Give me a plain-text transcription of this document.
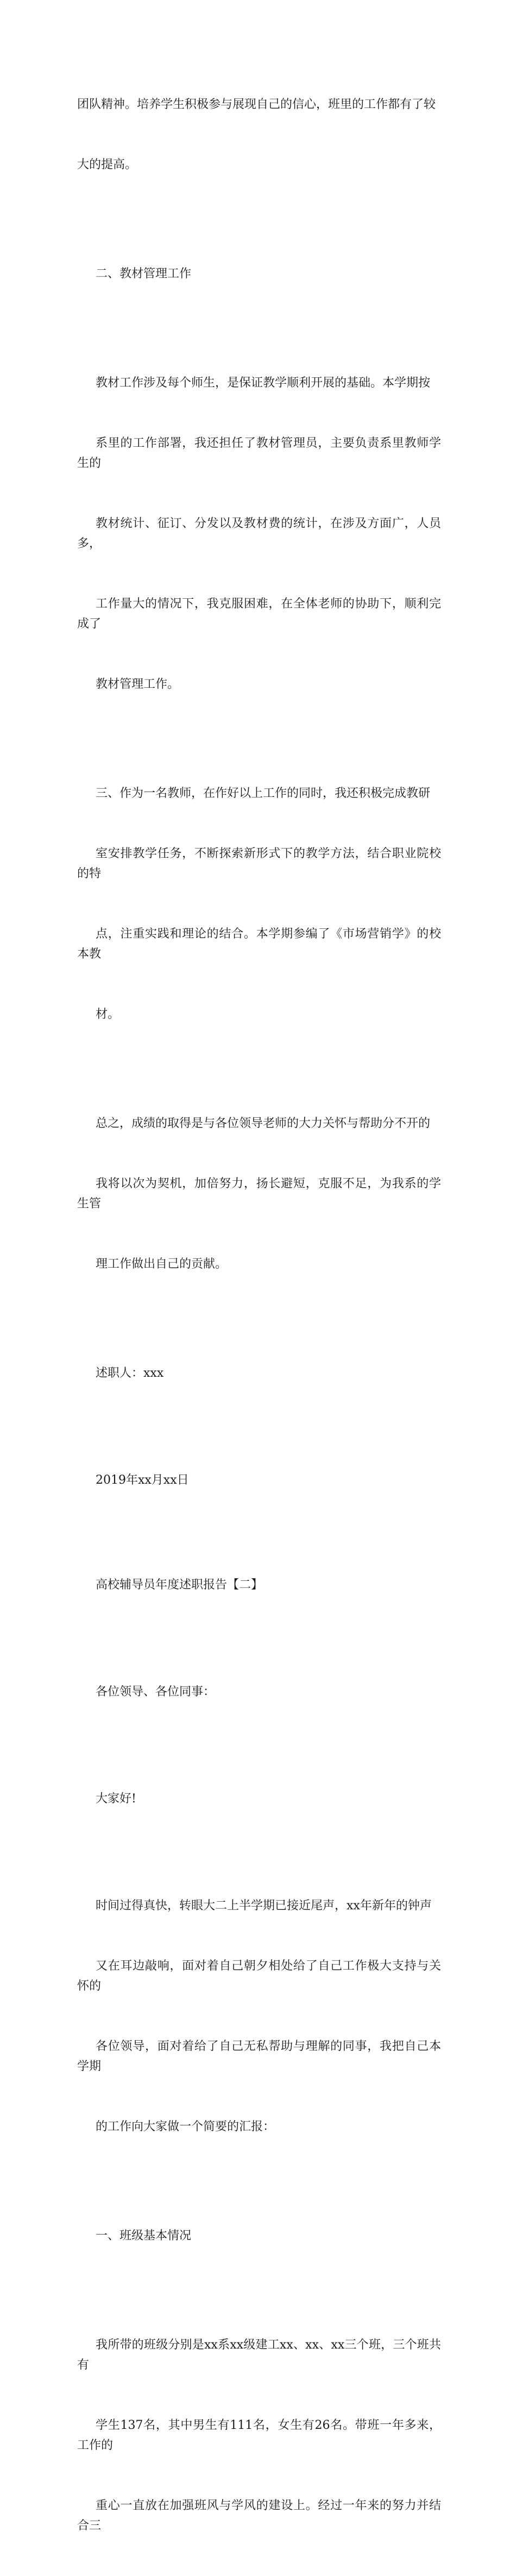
团队精神。培养学生积极参与展现自己的信心，班里的工作都有了较

大的提高。

二、教材管理工作

教材工作涉及每个师生，是保证教学顺利开展的基础。本学期按

系里的工作部署，我还担任了教材管理员，主要负责系里教师学生的

教材统计、征订、分发以及教材费的统计，在涉及方面广，人员多，

工作量大的情况下，我克服困难，在全体老师的协助下，顺利完成了

教材管理工作。

三、作为一名教师，在作好以上工作的同时，我还积极完成教研

室安排教学任务，不断探索新形式下的教学方法，结合职业院校的特

点，注重实践和理论的结合。本学期参编了《市场营销学》的校本教

材。

总之，成绩的取得是与各位领导老师的大力关怀与帮助分不开的

我将以次为契机，加倍努力，扬长避短，克服不足，为我系的学生管

理工作做出自己的贡献。

述职人：xxx

2019年xx月xx日

高校辅导员年度述职报告【二】

各位领导、各位同事：

大家好!

时间过得真快，转眼大二上半学期已接近尾声，xx年新年的钟声

又在耳边敲响，面对着自己朝夕相处给了自己工作极大支持与关怀的

各位领导，面对着给了自己无私帮助与理解的同事，我把自己本学期

的工作向大家做一个简要的汇报：

一、班级基本情况

我所带的班级分别是xx系xx级建工xx、xx、xx三个班，三个班共有

学生137名，其中男生有111名，女生有26名。带班一年多来，工作的

重心一直放在加强班风与学风的建设上。经过一年来的努力并结合三
